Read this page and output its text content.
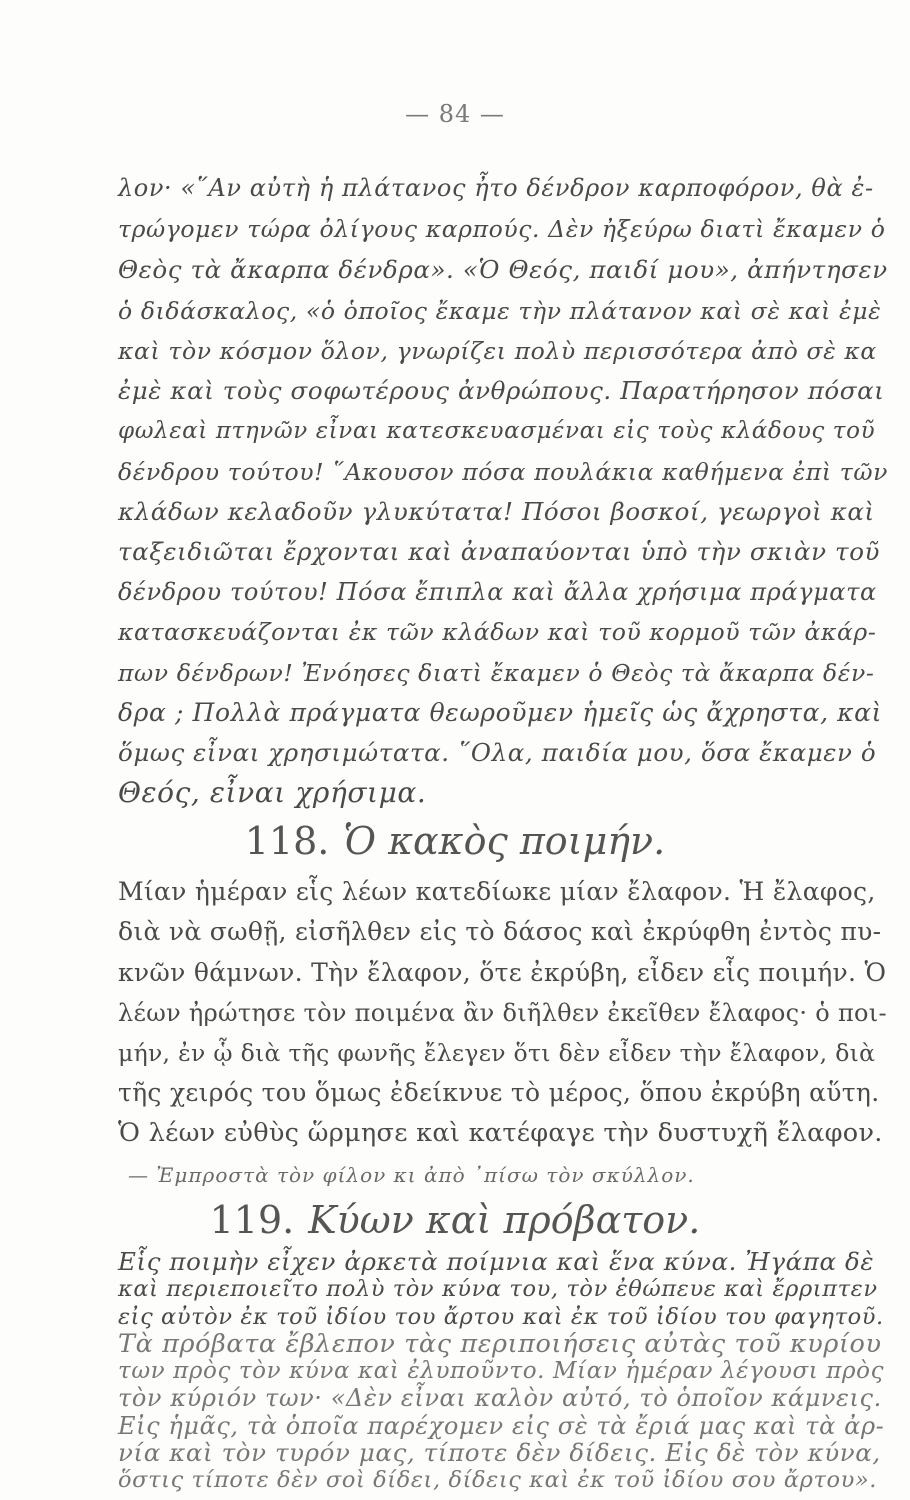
— 84 —
λον· «῞Αν αὐτὴ ἡ πλάτανος ἦτο δένδρον καρποφόρον, θὰ ἐ-
τρώγομεν τώρα ὀλίγους καρπούς. Δὲν ἠξεύρω διατὶ ἔκαμεν ὁ
Θεὸς τὰ ἄκαρπα δένδρα». «Ὁ Θεός, παιδί μου», ἀπήντησεν
ὁ διδάσκαλος, «ὁ ὁποῖος ἔκαμε τὴν πλάτανον καὶ σὲ καὶ ἐμὲ
καὶ τὸν κόσμον ὅλον, γνωρίζει πολὺ περισσότερα ἀπὸ σὲ κα
ἐμὲ καὶ τοὺς σοφωτέρους ἀνθρώπους. Παρατήρησον πόσαι
φωλεαὶ πτηνῶν εἶναι κατεσκευασμέναι εἰς τοὺς κλάδους τοῦ
δένδρου τούτου! ῞Ακουσον πόσα πουλάκια καθήμενα ἐπὶ τῶν
κλάδων κελαδοῦν γλυκύτατα! Πόσοι βοσκοί, γεωργοὶ καὶ
ταξειδιῶται ἔρχονται καὶ ἀναπαύονται ὑπὸ τὴν σκιὰν τοῦ
δένδρου τούτου! Πόσα ἔπιπλα καὶ ἄλλα χρήσιμα πράγματα
κατασκευάζονται ἐκ τῶν κλάδων καὶ τοῦ κορμοῦ τῶν ἀκάρ-
πων δένδρων! Ἐνόησες διατὶ ἔκαμεν ὁ Θεὸς τὰ ἄκαρπα δέν-
δρα ; Πολλὰ πράγματα θεωροῦμεν ἡμεῖς ὡς ἄχρηστα, καὶ
ὅμως εἶναι χρησιμώτατα. ῞Ολα, παιδία μου, ὅσα ἔκαμεν ὁ
Θεός, εἶναι χρήσιμα.
118. Ὁ κακὸς ποιμήν.
Μίαν ἡμέραν εἷς λέων κατεδίωκε μίαν ἔλαφον. Ἡ ἔλαφος,
διὰ νὰ σωθῇ, εἰσῆλθεν εἰς τὸ δάσος καὶ ἐκρύφθη ἐντὸς πυ-
κνῶν θάμνων. Τὴν ἔλαφον, ὅτε ἐκρύβη, εἶδεν εἷς ποιμήν. Ὁ
λέων ἠρώτησε τὸν ποιμένα ἂν διῆλθεν ἐκεῖθεν ἔλαφος· ὁ ποι-
μήν, ἐν ᾧ διὰ τῆς φωνῆς ἔλεγεν ὅτι δὲν εἶδεν τὴν ἔλαφον, διὰ
τῆς χειρός του ὅμως ἐδείκνυε τὸ μέρος, ὅπου ἐκρύβη αὕτη.
Ὁ λέων εὐθὺς ὥρμησε καὶ κατέφαγε τὴν δυστυχῆ ἔλαφον.
— Ἐμπροστὰ τὸν φίλον κι ἀπὸ ᾿πίσω τὸν σκύλλον.
119. Κύων καὶ πρόβατον.
Εἷς ποιμὴν εἶχεν ἀρκετὰ ποίμνια καὶ ἕνα κύνα. Ἠγάπα δὲ
καὶ περιεποιεῖτο πολὺ τὸν κύνα του, τὸν ἐθώπευε καὶ ἔρριπτεν
εἰς αὐτὸν ἐκ τοῦ ἰδίου του ἄρτου καὶ ἐκ τοῦ ἰδίου του φαγητοῦ.
Τὰ πρόβατα ἔβλεπον τὰς περιποιήσεις αὐτὰς τοῦ κυρίου
των πρὸς τὸν κύνα καὶ ἐλυποῦντο. Μίαν ἡμέραν λέγουσι πρὸς
τὸν κύριόν των· «Δὲν εἶναι καλὸν αὐτό, τὸ ὁποῖον κάμνεις.
Εἰς ἡμᾶς, τὰ ὁποῖα παρέχομεν εἰς σὲ τὰ ἔριά μας καὶ τὰ ἀρ-
νία καὶ τὸν τυρόν μας, τίποτε δὲν δίδεις. Εἰς δὲ τὸν κύνα,
ὅστις τίποτε δὲν σοὶ δίδει, δίδεις καὶ ἐκ τοῦ ἰδίου σου ἄρτου».
